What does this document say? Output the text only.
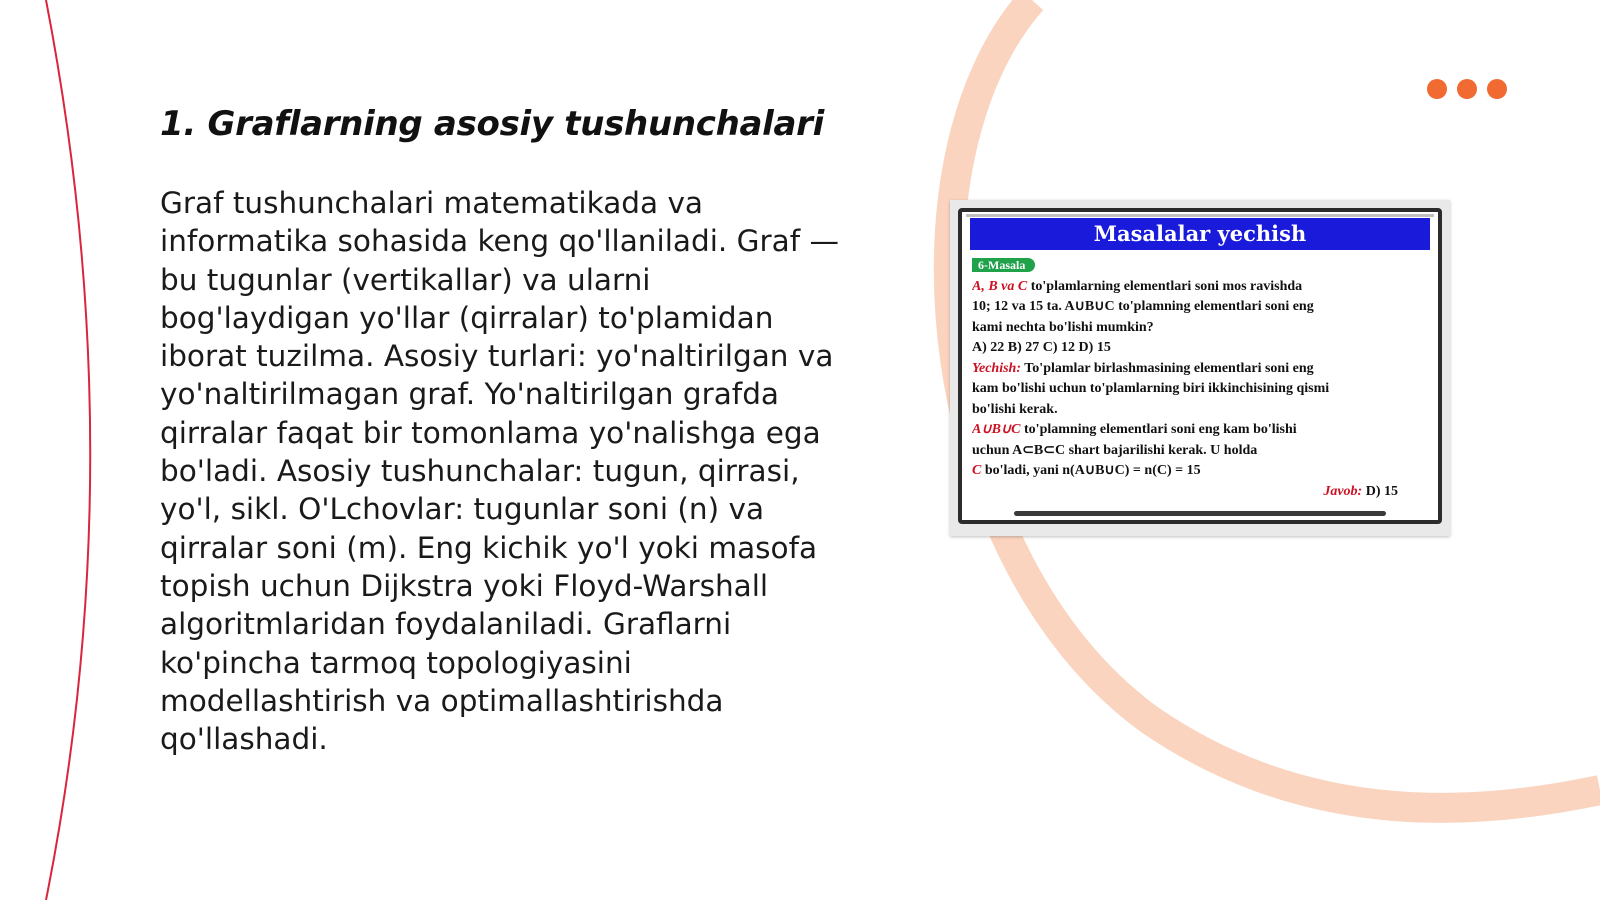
1. Graflarning asosiy tushunchalari

Graf tushunchalari matematikada va informatika sohasida keng qo'llaniladi. Graf — bu tugunlar (vertikallar) va ularni bog'laydigan yo'llar (qirralar) to'plamidan iborat tuzilma. Asosiy turlari: yo'naltirilgan va yo'naltirilmagan graf. Yo'naltirilgan grafda qirralar faqat bir tomonlama yo'nalishga ega bo'ladi. Asosiy tushunchalar: tugun, qirrasi, yo'l, sikl. O'Lchovlar: tugunlar soni (n) va qirralar soni (m). Eng kichik yo'l yoki masofa topish uchun Dijkstra yoki Floyd-Warshall algoritmlaridan foydalaniladi. Graflarni ko'pincha tarmoq topologiyasini modellashtirish va optimallashtirishda qo'llashadi.

Masalalar yechish
6-Masala
A, B va C to'plamlarning elementlari soni mos ravishda
10; 12 va 15 ta. A∪B∪C to'plamning elementlari soni eng
kami nechta bo'lishi mumkin?
A) 22 B) 27 C) 12 D) 15
Yechish: To'plamlar birlashmasining elementlari soni eng
kam bo'lishi uchun to'plamlarning biri ikkinchisining qismi
bo'lishi kerak.
A∪B∪C to'plamning elementlari soni eng kam bo'lishi
uchun A⊂B⊂C shart bajarilishi kerak. U holda
C bo'ladi, yani n(A∪B∪C) = n(C) = 15
Javob: D) 15
